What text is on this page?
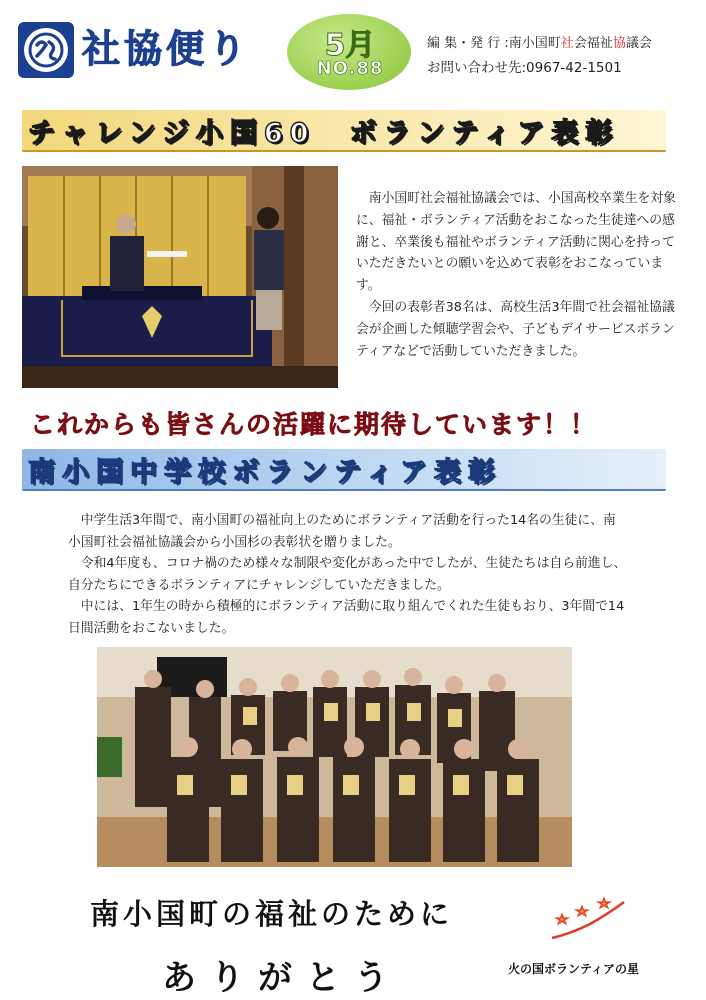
社協便り 5月
NO.88
編 集・発 行 :南小国町社会福祉協議会
お問い合わせ先:0967-42-1501
チャレンジ小国60　ボランティア表彰

南小国町社会福祉協議会では、小国高校卒業生を対象に、福祉・ボランティア活動をおこなった生徒達への感謝と、卒業後も福祉やボランティア活動に関心を持っていただきたいとの願いを込めて表彰をおこなっています。

今回の表彰者38名は、高校生活3年間で社会福祉協議会が企画した傾聴学習会や、子どもデイサービスボランティアなどで活動していただきました。

これからも皆さんの活躍に期待しています！！
南小国中学校ボランティア表彰

中学生活3年間で、南小国町の福祉向上のためにボランティア活動を行った14名の生徒に、南小国町社会福祉協議会から小国杉の表彰状を贈りました。

令和4年度も、コロナ禍のため様々な制限や変化があった中でしたが、生徒たちは自ら前進し、自分たちにできるボランティアにチャレンジしていただきました。

中には、1年生の時から積極的にボランティア活動に取り組んでくれた生徒もおり、3年間で14日間活動をおこないました。

南小国町の福祉のために
ありがとう	火の国ボランティアの星
